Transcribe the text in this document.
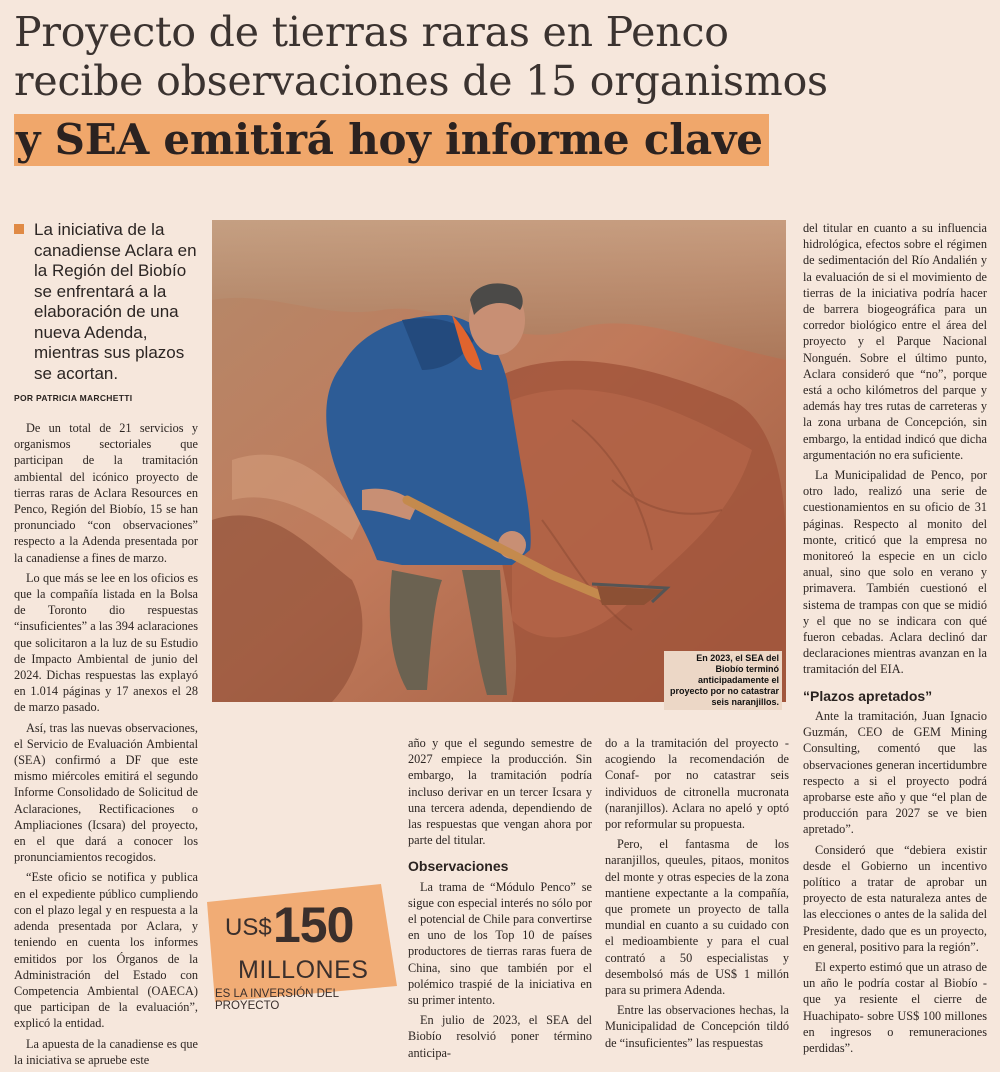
Proyecto de tierras raras en Penco
recibe observaciones de 15 organismos
y SEA emitirá hoy informe clave
La iniciativa de la canadiense Aclara en la Región del Biobío se enfrentará a la elaboración de una nueva Adenda, mientras sus plazos se acortan.
POR PATRICIA MARCHETTI

De un total de 21 servicios y organismos sectoriales que participan de la tramitación ambiental del icónico proyecto de tierras raras de Aclara Resources en Penco, Región del Biobío, 15 se han pronunciado “con observaciones” respecto a la Adenda presentada por la canadiense a fines de marzo.

Lo que más se lee en los oficios es que la compañía listada en la Bolsa de Toronto dio respuestas “insuficientes” a las 394 aclaraciones que solicitaron a la luz de su Estudio de Impacto Ambiental de junio del 2024. Dichas respuestas las explayó en 1.014 páginas y 17 anexos el 28 de marzo pasado.

Así, tras las nuevas observaciones, el Servicio de Evaluación Ambiental (SEA) confirmó a DF que este mismo miércoles emitirá el segundo Informe Consolidado de Solicitud de Aclaraciones, Rectificaciones o Ampliaciones (Icsara) del proyecto, en el que dará a conocer los pronunciamientos recogidos.

“Este oficio se notifica y publica en el expediente público cumpliendo con el plazo legal y en respuesta a la adenda presentada por Aclara, y teniendo en cuenta los informes emitidos por los Órganos de la Administración del Estado con Competencia Ambiental (OAECA) que participan de la evaluación”, explicó la entidad.

La apuesta de la canadiense es que la iniciativa se apruebe este

En 2023, el SEA del Biobío terminó anticipadamente el proyecto por no catastrar seis naranjillos.

año y que el segundo semestre de 2027 empiece la producción. Sin embargo, la tramitación podría incluso derivar en un tercer Icsara y una tercera adenda, dependiendo de las respuestas que vengan ahora por parte del titular.

Observaciones

La trama de “Módulo Penco” se sigue con especial interés no sólo por el potencial de Chile para convertirse en uno de los Top 10 de países productores de tierras raras fuera de China, sino que también por el polémico traspié de la iniciativa en su primer intento.

En julio de 2023, el SEA del Biobío resolvió poner término anticipa-

do a la tramitación del proyecto -acogiendo la recomendación de Conaf- por no catastrar seis individuos de citronella mucronata (naranjillos). Aclara no apeló y optó por reformular su propuesta.

Pero, el fantasma de los naranjillos, queules, pitaos, monitos del monte y otras especies de la zona mantiene expectante a la compañía, que promete un proyecto de talla mundial en cuanto a su cuidado con el medioambiente y para el cual contrató a 50 especialistas y desembolsó más de US$ 1 millón para su primera Adenda.

Entre las observaciones hechas, la Municipalidad de Concepción tildó de “insuficientes” las respuestas

del titular en cuanto a su influencia hidrológica, efectos sobre el régimen de sedimentación del Río Andalién y la evaluación de si el movimiento de tierras de la iniciativa podría hacer de barrera biogeográfica para un corredor biológico entre el área del proyecto y el Parque Nacional Nonguén. Sobre el último punto, Aclara consideró que “no”, porque está a ocho kilómetros del parque y además hay tres rutas de carreteras y la zona urbana de Concepción, sin embargo, la entidad indicó que dicha argumentación no era suficiente.

La Municipalidad de Penco, por otro lado, realizó una serie de cuestionamientos en su oficio de 31 páginas. Respecto al monito del monte, criticó que la empresa no monitoreó la especie en un ciclo anual, sino que solo en verano y primavera. También cuestionó el sistema de trampas con que se midió y el que no se indicara con qué fueron cebadas. Aclara declinó dar declaraciones mientras avanzan en la tramitación del EIA.

“Plazos apretados”

Ante la tramitación, Juan Ignacio Guzmán, CEO de GEM Mining Consulting, comentó que las observaciones generan incertidumbre respecto a si el proyecto podrá aprobarse este año y que “el plan de producción para 2027 se ve bien apretado”.

Consideró que “debiera existir desde el Gobierno un incentivo político a tratar de aprobar un proyecto de esta naturaleza antes de las elecciones o antes de la salida del Presidente, dado que es un proyecto, en general, positivo para la región”.

El experto estimó que un atraso de un año le podría costar al Biobío -que ya resiente el cierre de Huachipato- sobre US$ 100 millones en ingresos o remuneraciones perdidas”.

US$ 150
MILLONES
ES LA INVERSIÓN DEL PROYECTO
